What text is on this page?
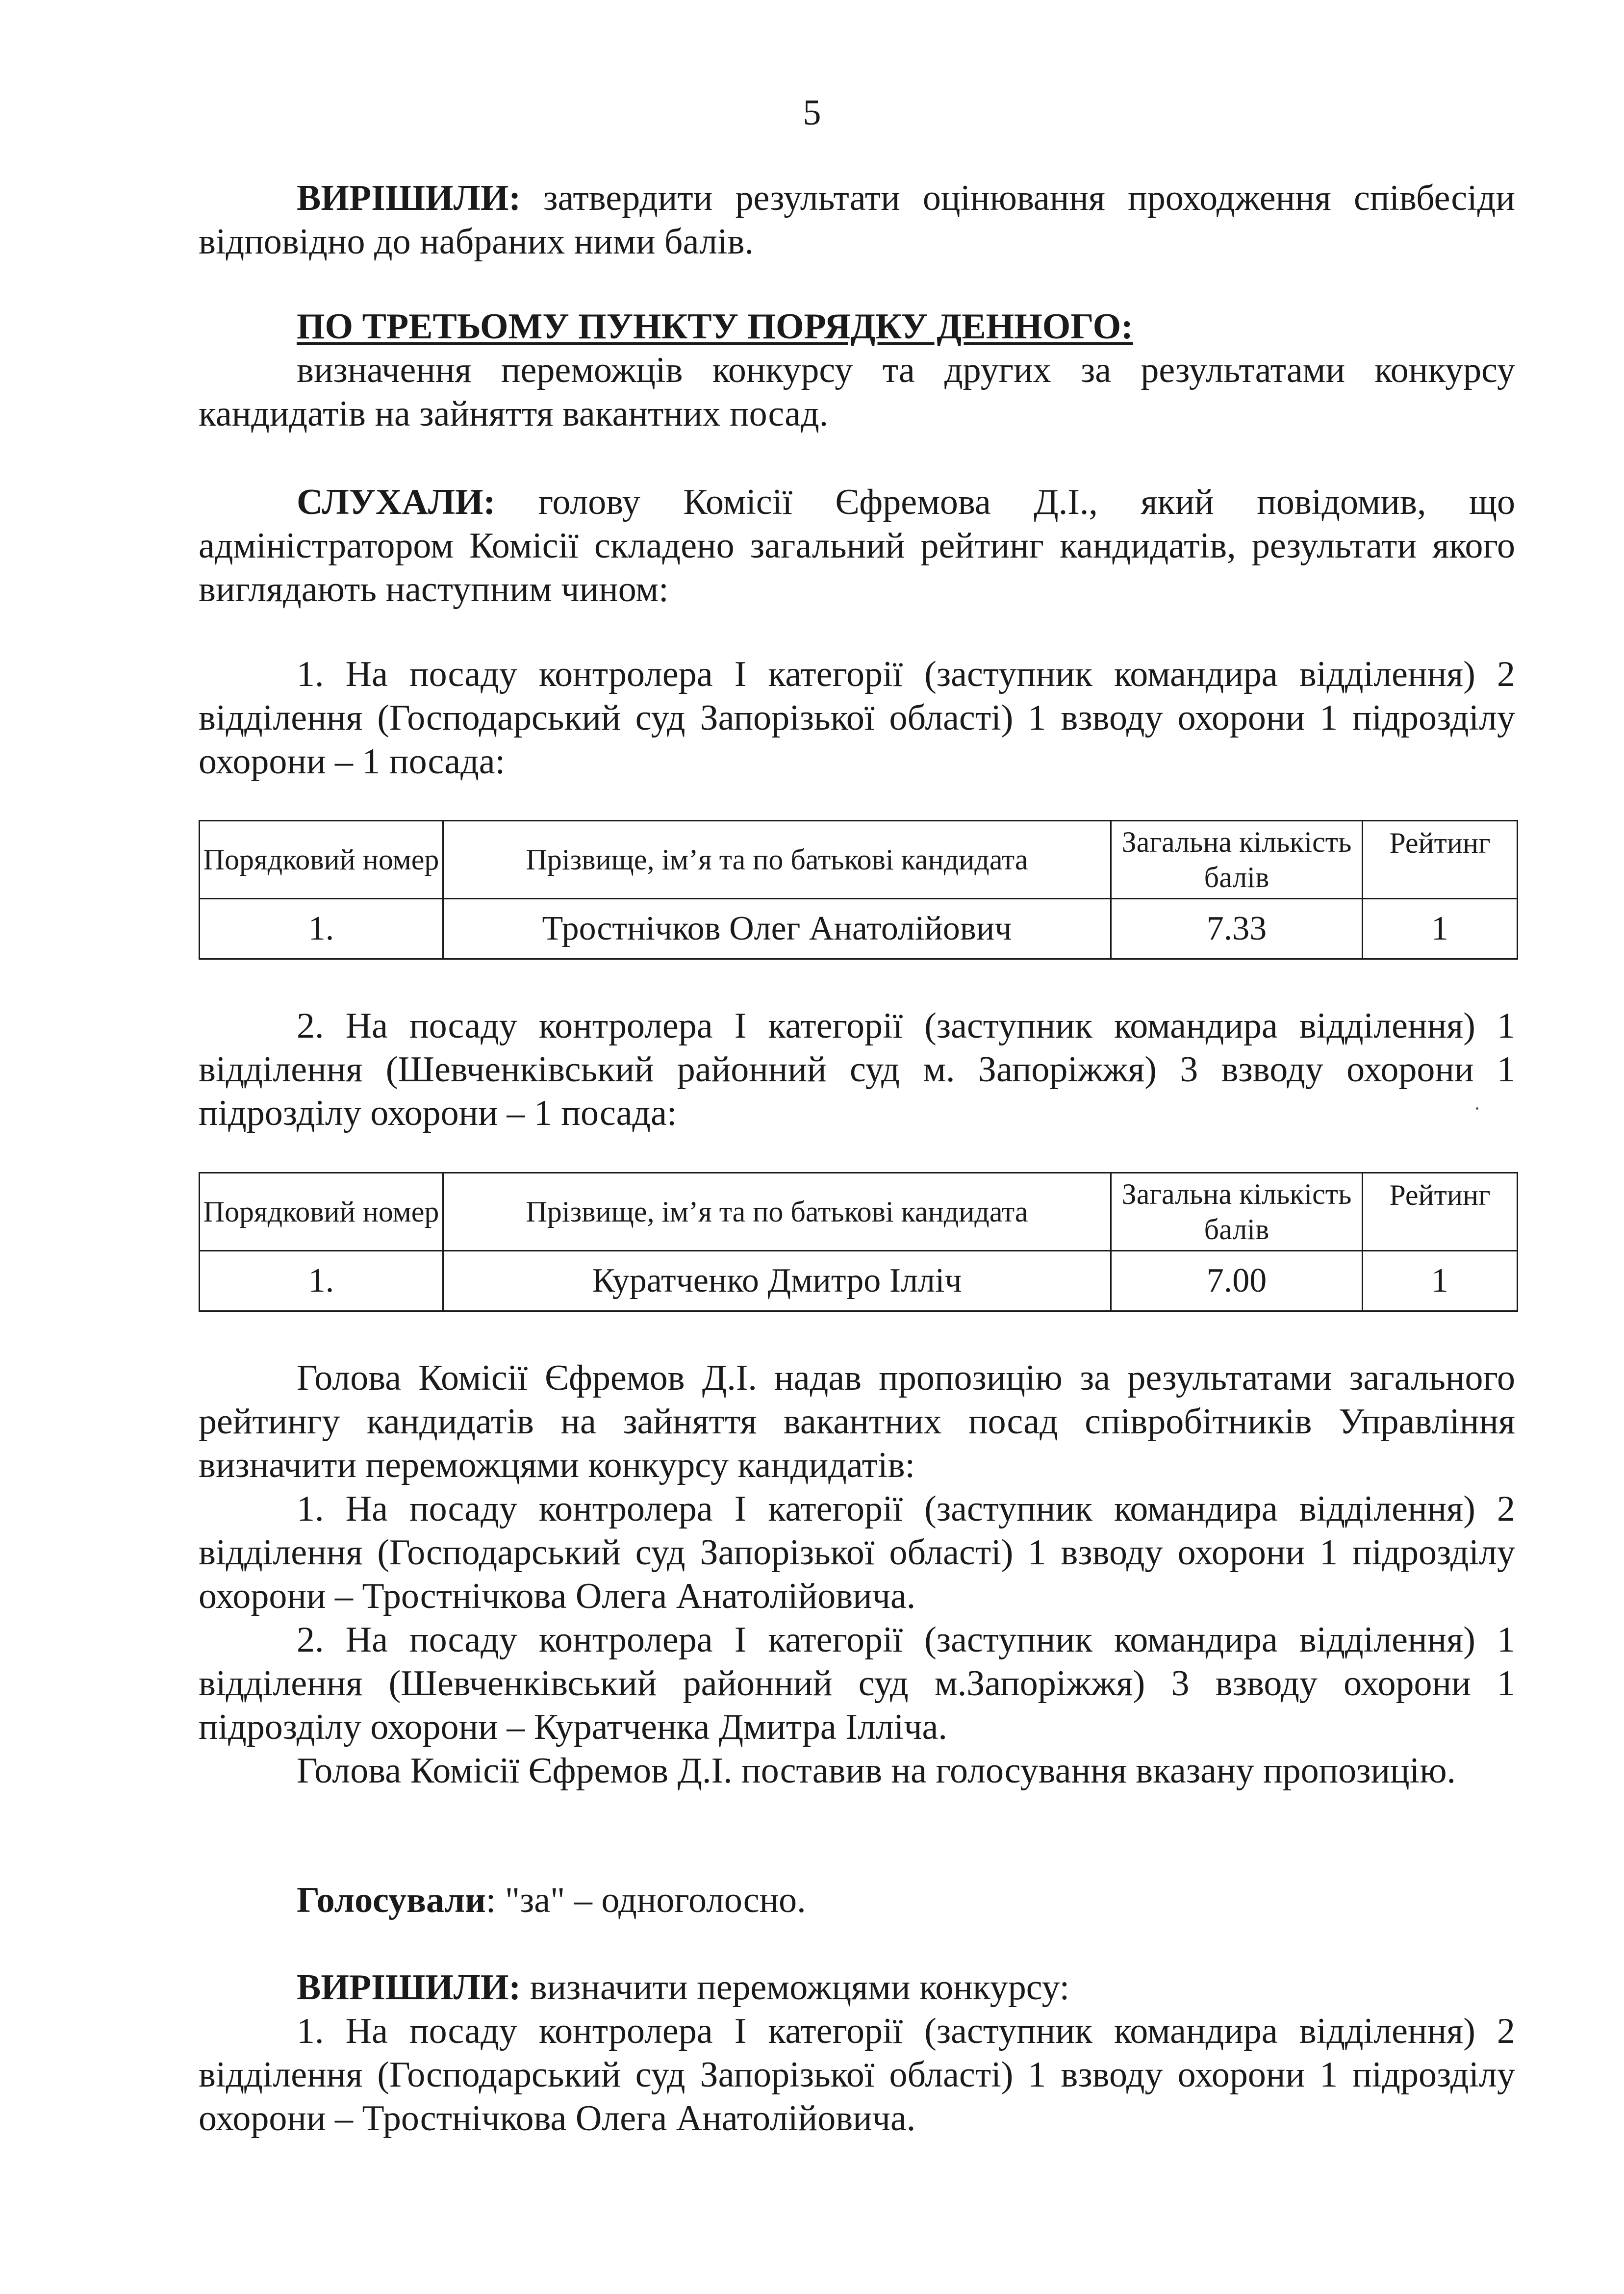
5

ВИРІШИЛИ: затвердити результати оцінювання проходження співбесіди відповідно до набраних ними балів.

ПО ТРЕТЬОМУ ПУНКТУ ПОРЯДКУ ДЕННОГО:

визначення переможців конкурсу та других за результатами конкурсу кандидатів на зайняття вакантних посад.

СЛУХАЛИ: голову Комісії Єфремова Д.І., який повідомив, що адміністратором Комісії складено загальний рейтинг кандидатів, результати якого виглядають наступним чином:

1. На посаду контролера І категорії (заступник командира відділення) 2 відділення (Господарський суд Запорізької області) 1 взводу охорони 1 підрозділу охорони – 1 посада:

Порядковий номер	Прізвище, ім’я та по батькові кандидата	Загальна кількість балів	Рейтинг
1.	Тростнічков Олег Анатолійович	7.33	1

2. На посаду контролера І категорії (заступник командира відділення) 1 відділення (Шевченківський районний суд м. Запоріжжя) 3 взводу охорони 1 підрозділу охорони – 1 посада:

Порядковий номер	Прізвище, ім’я та по батькові кандидата	Загальна кількість балів	Рейтинг
1.	Куратченко Дмитро Ілліч	7.00	1

Голова Комісії Єфремов Д.І. надав пропозицію за результатами загального рейтингу кандидатів на зайняття вакантних посад співробітників Управління визначити переможцями конкурсу кандидатів:

1. На посаду контролера І категорії (заступник командира відділення) 2 відділення (Господарський суд Запорізької області) 1 взводу охорони 1 підрозділу охорони – Тростнічкова Олега Анатолійовича.

2. На посаду контролера І категорії (заступник командира відділення) 1 відділення (Шевченківський районний суд м.Запоріжжя) 3 взводу охорони 1 підрозділу охорони – Куратченка Дмитра Ілліча.

Голова Комісії Єфремов Д.І. поставив на голосування вказану пропозицію.

Голосували: "за" – одноголосно.

ВИРІШИЛИ: визначити переможцями конкурсу:

1. На посаду контролера І категорії (заступник командира відділення) 2 відділення (Господарський суд Запорізької області) 1 взводу охорони 1 підрозділу охорони – Тростнічкова Олега Анатолійовича.
